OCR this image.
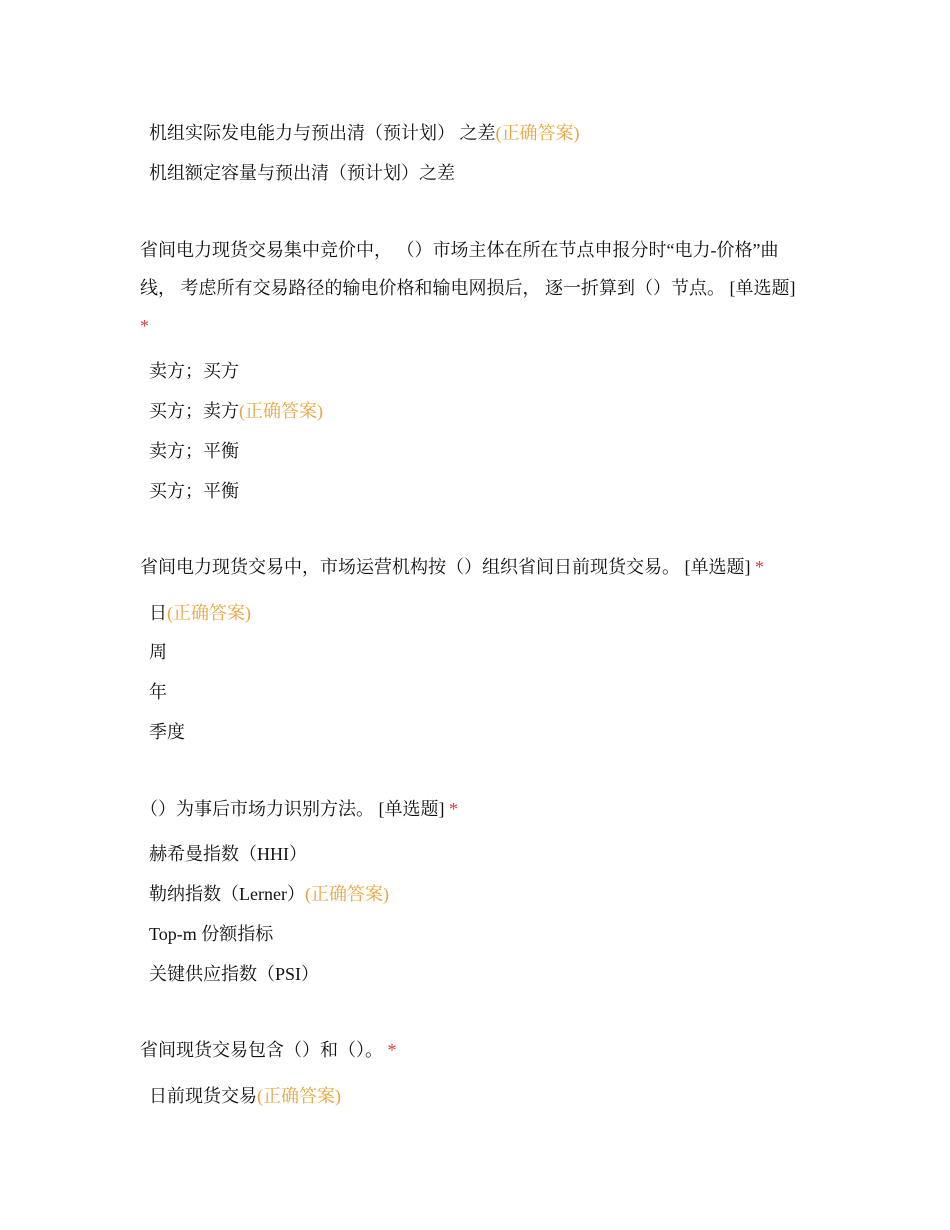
机组实际发电能力与预出清（预计划） 之差(正确答案)
机组额定容量与预出清（预计划）之差
省间电力现货交易集中竞价中， （）市场主体在所在节点申报分时“电力-价格”曲线， 考虑所有交易路径的输电价格和输电网损后， 逐一折算到（）节点。 [单选题] *
卖方；买方
买方；卖方(正确答案)
卖方；平衡
买方；平衡
省间电力现货交易中，市场运营机构按（）组织省间日前现货交易。 [单选题] *
日(正确答案)
周
年
季度
（）为事后市场力识别方法。 [单选题] *
赫希曼指数（HHI）
勒纳指数（Lerner）(正确答案)
Top-m 份额指标
关键供应指数（PSI）
省间现货交易包含（）和（）。 *
日前现货交易(正确答案)
